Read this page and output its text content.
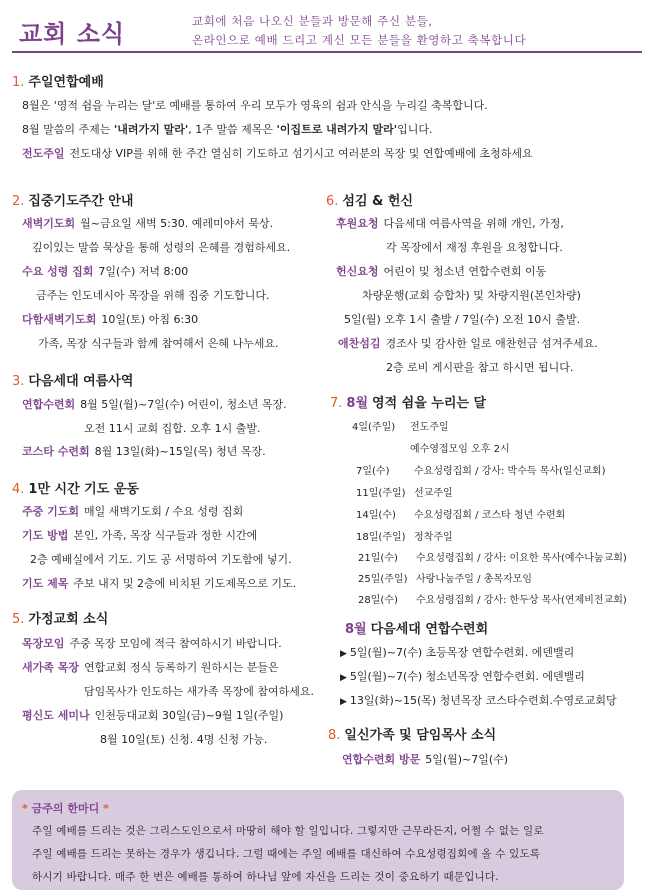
교회 소식	교회에 처음 나오신 분들과 방문해 주신 분들,
온라인으로 예배 드리고 계신 모든 분들을 환영하고 축복합니다
1. 주일연합예배
8월은 '영적 쉼을 누리는 달'로 예배를 통하여 우리 모두가 영육의 쉼과 안식을 누리길 축복합니다.
8월 말씀의 주제는 '내려가지 말라', 1주 말씀 제목은 '이집트로 내려가지 말라'입니다.
전도주일 전도대상 VIP를 위해 한 주간 열심히 기도하고 섬기시고 여러분의 목장 및 연합예배에 초청하세요
2. 집중기도주간 안내
새벽기도회 월~금요일 새벽 5:30. 예레미야서 묵상.
깊이있는 말씀 묵상을 통해 성령의 은혜를 경험하세요.
수요 성령 집회 7일(수) 저녁 8:00
금주는 인도네시아 목장을 위해 집중 기도합니다.
다함새벽기도회 10일(토) 아침 6:30
가족, 목장 식구들과 함께 참여해서 은혜 나누세요.
3. 다음세대 여름사역
연합수련회 8월 5일(월)~7일(수) 어린이, 청소년 목장.
오전 11시 교회 집합. 오후 1시 출발.
코스타 수련회 8월 13일(화)~15일(목) 청년 목장.
4. 1만 시간 기도 운동
주중 기도회 매일 새벽기도회 / 수요 성령 집회
기도 방법 본인, 가족, 목장 식구들과 정한 시간에
2층 예배실에서 기도. 기도 공 서명하여 기도함에 넣기.
기도 제목 주보 내지 및 2층에 비치된 기도제목으로 기도.
5. 가정교회 소식
목장모임 주중 목장 모임에 적극 참여하시기 바랍니다.
새가족 목장 연합교회 정식 등록하기 원하시는 분들은
담임목사가 인도하는 새가족 목장에 참여하세요.
평신도 세미나 인천등대교회 30일(금)~9월 1일(주일)
8월 10일(토) 신청. 4명 신청 가능.
6. 섬김 & 헌신
후원요청 다음세대 여름사역을 위해 개인, 가정,
각 목장에서 재정 후원을 요청합니다.
헌신요청 어린이 및 청소년 연합수련회 이동
차량운행(교회 승합차) 및 차량지원(본인차량)
5일(월) 오후 1시 출발 / 7일(수) 오전 10시 출발.
애찬섬김 경조사 및 감사한 일로 애찬헌금 섬겨주세요.
2층 로비 게시판을 참고 하시면 됩니다.
7. 8월 영적 쉼을 누리는 달
4일(주일) 전도주일
예수영접모임 오후 2시
7일(수) 수요성령집회 / 강사: 박수득 목사(일신교회)
11일(주일) 선교주일
14일(수) 수요성령집회 / 코스타 청년 수련회
18일(주일) 정착주일
21일(수) 수요성령집회 / 강사: 이요한 목사(예수나눔교회)
25일(주일) 사랑나눔주일 / 총목자모임
28일(수) 수요성령집회 / 강사: 한두상 목사(연제비전교회)
8월 다음세대 연합수련회
▶ 5일(월)~7(수) 초등목장 연합수련회. 에덴밸리
▶ 5일(월)~7(수) 청소년목장 연합수련회. 에덴밸리
▶ 13일(화)~15(목) 청년목장 코스타수련회.수영로교회당
8. 일신가족 및 담임목사 소식
연합수련회 방문 5일(월)~7일(수)
* 금주의 한마디 *
주일 예배를 드리는 것은 그리스도인으로서 마땅히 해야 할 일입니다. 그렇지만 근무라든지, 어쩔 수 없는 일로
주일 예배를 드리는 못하는 경우가 생깁니다. 그럴 때에는 주일 예배를 대신하여 수요성령집회에 올 수 있도록
하시기 바랍니다. 매주 한 번은 예배를 통하여 하나님 앞에 자신을 드리는 것이 중요하기 때문입니다.
